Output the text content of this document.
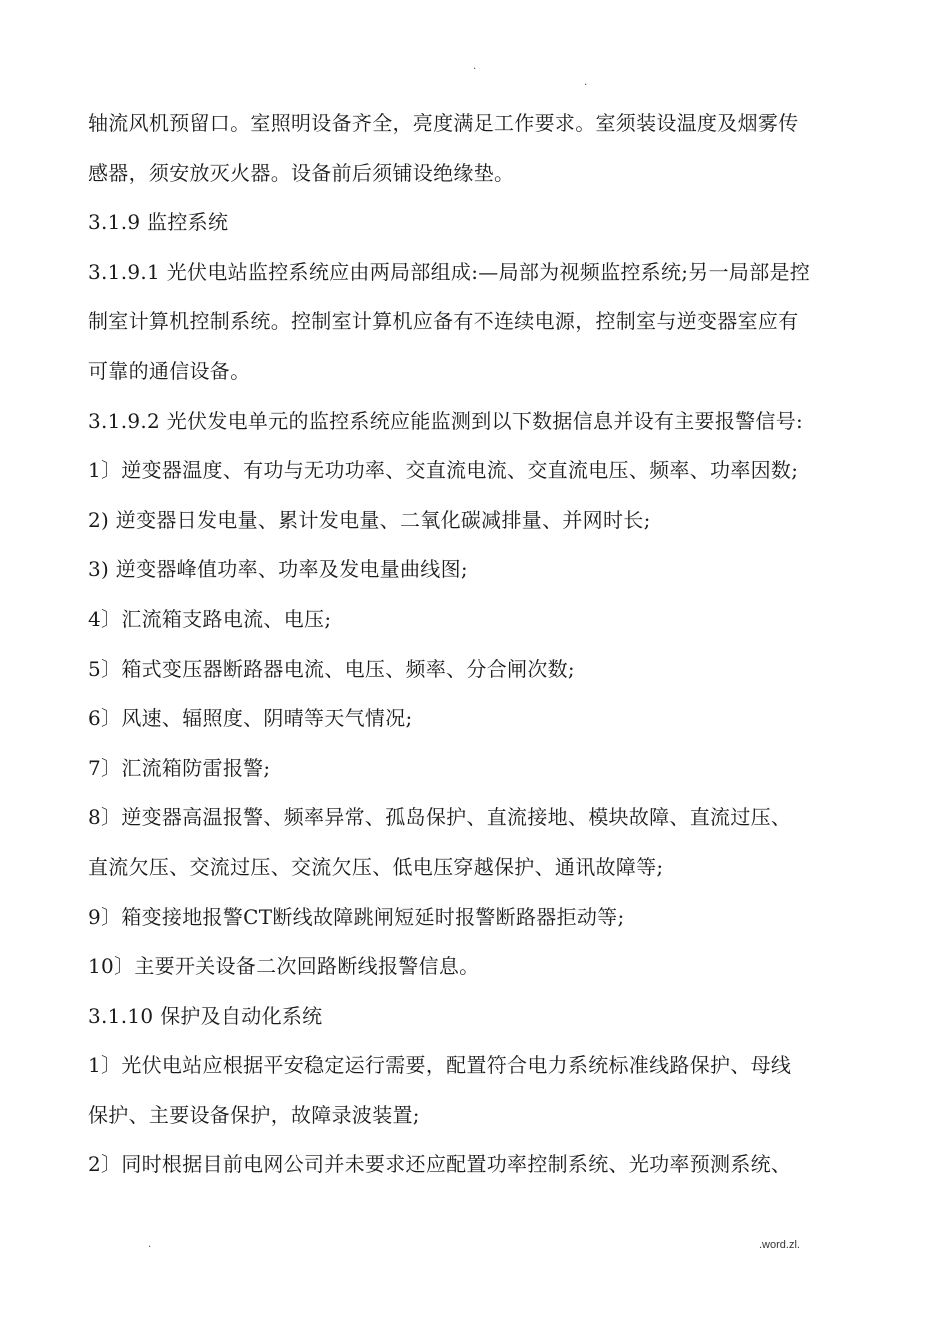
.
.
轴流风机预留口。室照明设备齐全，亮度满足工作要求。室须装设温度及烟雾传
感器，须安放灭火器。设备前后须铺设绝缘垫。
3.1.9 监控系统
3.1.9.1 光伏电站监控系统应由两局部组成:—局部为视频监控系统;另一局部是控
制室计算机控制系统。控制室计算机应备有不连续电源，控制室与逆变器室应有
可靠的通信设备。
3.1.9.2 光伏发电单元的监控系统应能监测到以下数据信息并设有主要报警信号:
1〕逆变器温度、有功与无功功率、交直流电流、交直流电压、频率、功率因数;
2) 逆变器日发电量、累计发电量、二氧化碳减排量、并网时长;
3) 逆变器峰值功率、功率及发电量曲线图;
4〕汇流箱支路电流、电压;
5〕箱式变压器断路器电流、电压、频率、分合闸次数;
6〕风速、辐照度、阴晴等天气情况;
7〕汇流箱防雷报警;
8〕逆变器高温报警、频率异常、孤岛保护、直流接地、模块故障、直流过压、
直流欠压、交流过压、交流欠压、低电压穿越保护、通讯故障等;
9〕箱变接地报警CT断线故障跳闸短延时报警断路器拒动等;
10〕主要开关设备二次回路断线报警信息。
3.1.10 保护及自动化系统
1〕光伏电站应根据平安稳定运行需要，配置符合电力系统标准线路保护、母线
保护、主要设备保护，故障录波装置;
2〕同时根据目前电网公司并未要求还应配置功率控制系统、光功率预测系统、
.	.word.zl.
